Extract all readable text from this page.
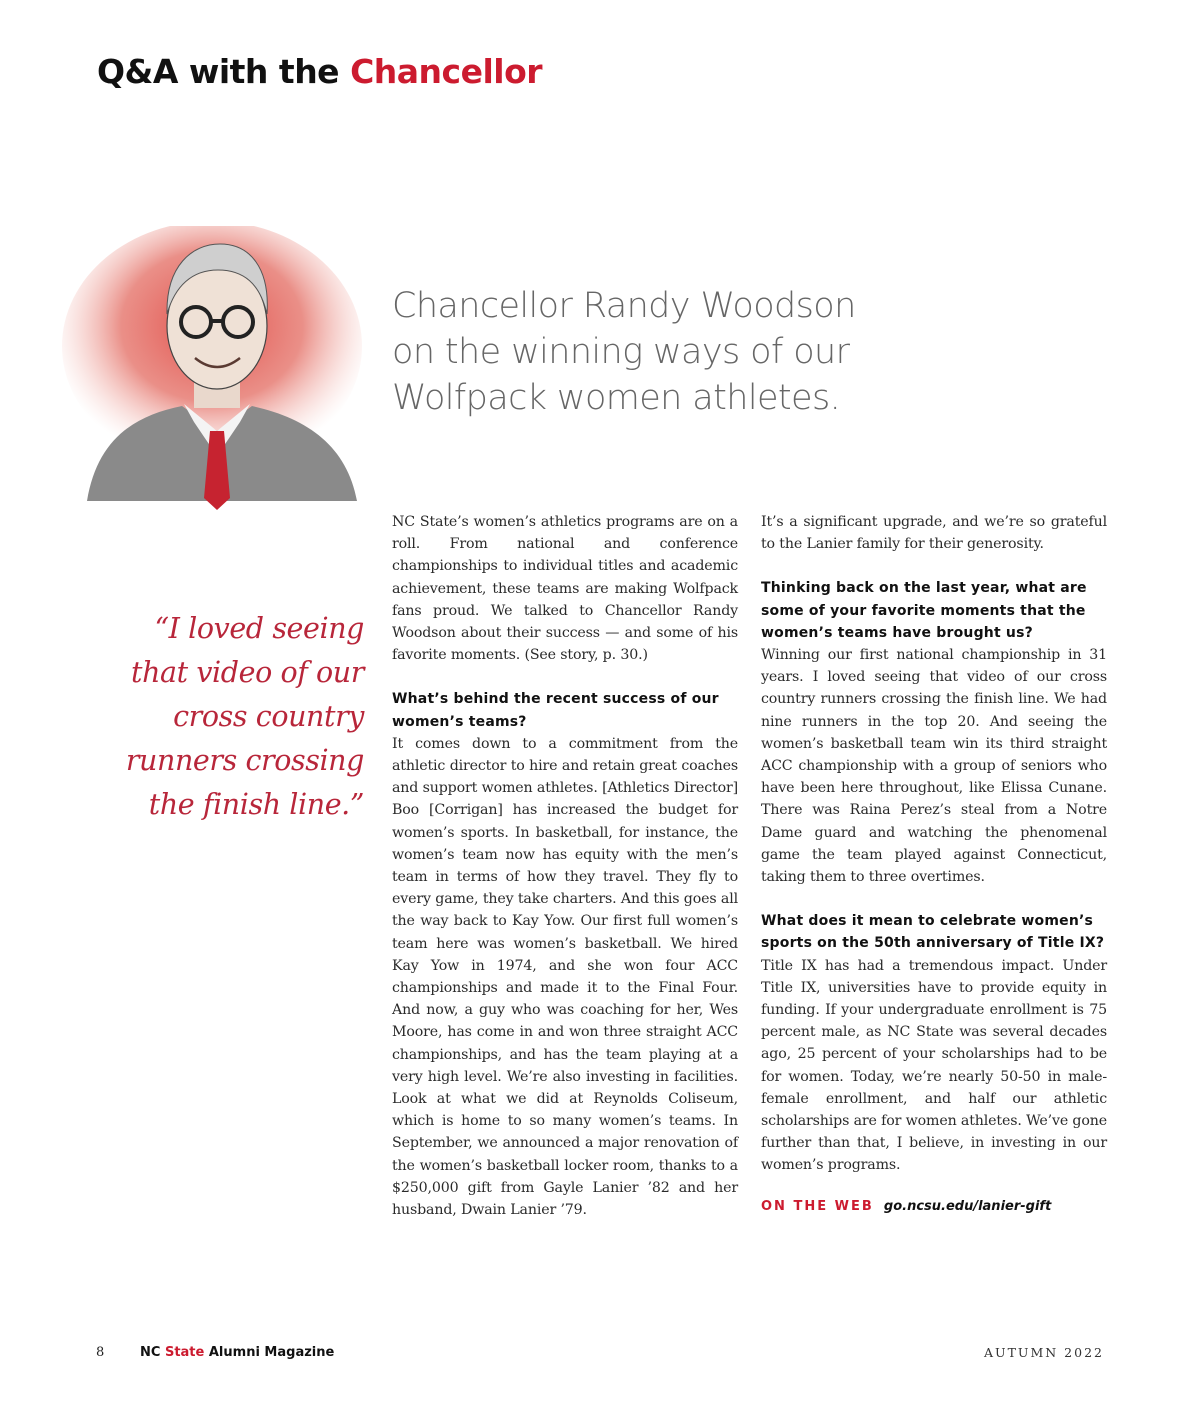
Q&A with the Chancellor
Chancellor Randy Woodson
on the winning ways of our
Wolfpack women athletes.
“I loved seeing that video of our cross country runners crossing the finish line.”

NC State’s women’s athletics programs are on a roll. From national and conference championships to individual titles and academic achievement, these teams are making Wolfpack fans proud. We talked to Chancellor Randy Woodson about their success — and some of his favorite moments. (See story, p. 30.)

What’s behind the recent success of our women’s teams?

It comes down to a commitment from the athletic director to hire and retain great coaches and support women athletes. [Athletics Director] Boo [Corrigan] has increased the budget for women’s sports. In basketball, for instance, the women’s team now has equity with the men’s team in terms of how they travel. They fly to every game, they take charters. And this goes all the way back to Kay Yow. Our first full women’s team here was women’s basketball. We hired Kay Yow in 1974, and she won four ACC championships and made it to the Final Four. And now, a guy who was coaching for her, Wes Moore, has come in and won three straight ACC championships, and has the team playing at a very high level. We’re also investing in facilities. Look at what we did at Reynolds Coliseum, which is home to so many women’s teams. In September, we announced a major renovation of the women’s basketball locker room, thanks to a $250,000 gift from Gayle Lanier ’82 and her husband, Dwain Lanier ’79.

It’s a significant upgrade, and we’re so grateful to the Lanier family for their generosity.

Thinking back on the last year, what are some of your favorite moments that the women’s teams have brought us?

Winning our first national championship in 31 years. I loved seeing that video of our cross country runners crossing the finish line. We had nine runners in the top 20. And seeing the women’s basketball team win its third straight ACC championship with a group of seniors who have been here throughout, like Elissa Cunane. There was Raina Perez’s steal from a Notre Dame guard and watching the phenomenal game the team played against Connecticut, taking them to three overtimes.

What does it mean to celebrate women’s sports on the 50th anniversary of Title IX?

Title IX has had a tremendous impact. Under Title IX, universities have to provide equity in funding. If your undergraduate enrollment is 75 percent male, as NC State was several decades ago, 25 percent of your scholarships had to be for women. Today, we’re nearly 50-50 in male-female enrollment, and half our athletic scholarships are for women athletes. We’ve gone further than that, I believe, in investing in our women’s programs.

ON THE WEB go.ncsu.edu/lanier-gift
8	NC State Alumni Magazine	AUTUMN 2022
